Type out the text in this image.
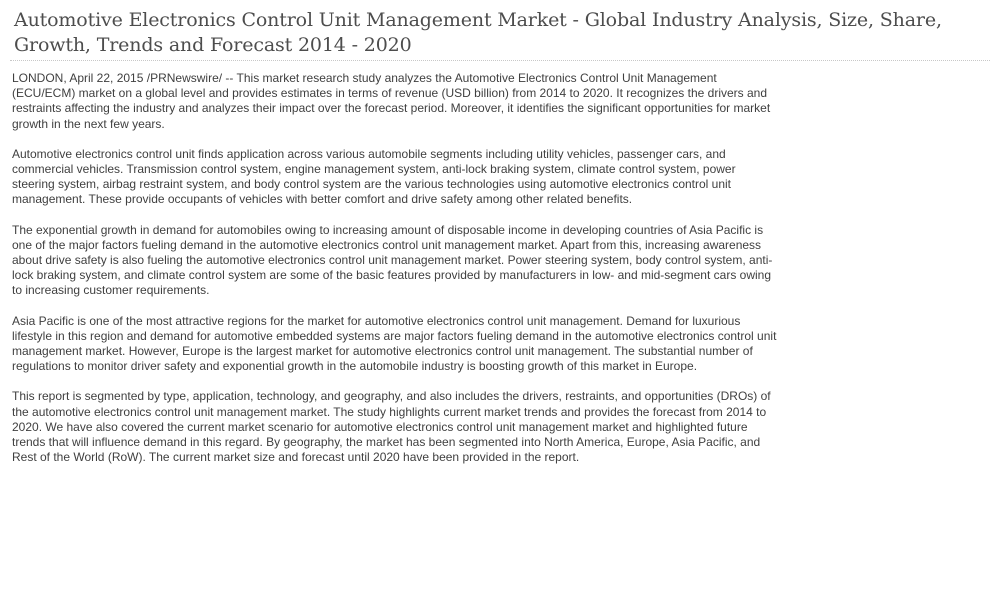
Automotive Electronics Control Unit Management Market - Global Industry Analysis, Size, Share, Growth, Trends and Forecast 2014 - 2020

LONDON, April 22, 2015 /PRNewswire/ -- This market research study analyzes the Automotive Electronics Control Unit Management (ECU/ECM) market on a global level and provides estimates in terms of revenue (USD billion) from 2014 to 2020. It recognizes the drivers and restraints affecting the industry and analyzes their impact over the forecast period. Moreover, it identifies the significant opportunities for market growth in the next few years.

Automotive electronics control unit finds application across various automobile segments including utility vehicles, passenger cars, and commercial vehicles. Transmission control system, engine management system, anti-lock braking system, climate control system, power steering system, airbag restraint system, and body control system are the various technologies using automotive electronics control unit management. These provide occupants of vehicles with better comfort and drive safety among other related benefits.

The exponential growth in demand for automobiles owing to increasing amount of disposable income in developing countries of Asia Pacific is one of the major factors fueling demand in the automotive electronics control unit management market. Apart from this, increasing awareness about drive safety is also fueling the automotive electronics control unit management market. Power steering system, body control system, anti-lock braking system, and climate control system are some of the basic features provided by manufacturers in low- and mid-segment cars owing to increasing customer requirements.

Asia Pacific is one of the most attractive regions for the market for automotive electronics control unit management. Demand for luxurious lifestyle in this region and demand for automotive embedded systems are major factors fueling demand in the automotive electronics control unit management market. However, Europe is the largest market for automotive electronics control unit management. The substantial number of regulations to monitor driver safety and exponential growth in the automobile industry is boosting growth of this market in Europe.

This report is segmented by type, application, technology, and geography, and also includes the drivers, restraints, and opportunities (DROs) of the automotive electronics control unit management market. The study highlights current market trends and provides the forecast from 2014 to 2020. We have also covered the current market scenario for automotive electronics control unit management market and highlighted future trends that will influence demand in this regard. By geography, the market has been segmented into North America, Europe, Asia Pacific, and Rest of the World (RoW). The current market size and forecast until 2020 have been provided in the report.
